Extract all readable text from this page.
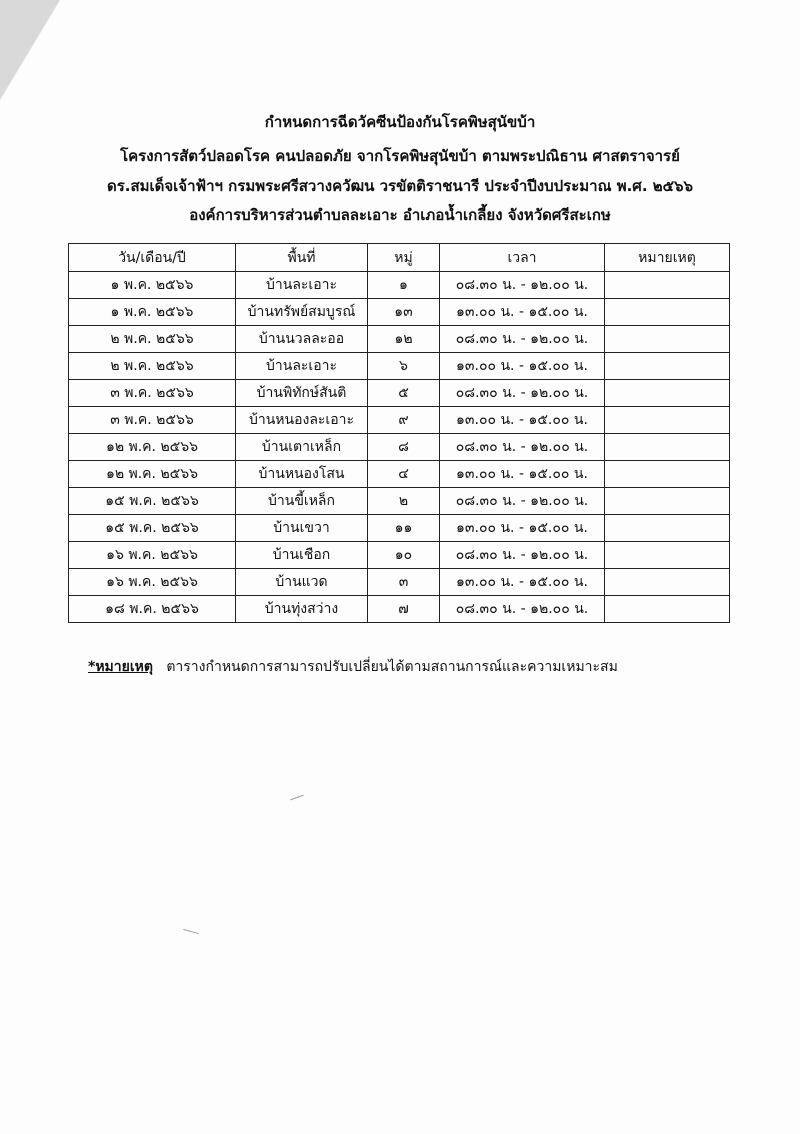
กำหนดการฉีดวัคซีนป้องกันโรคพิษสุนัขบ้า
โครงการสัตว์ปลอดโรค คนปลอดภัย จากโรคพิษสุนัขบ้า ตามพระปณิธาน ศาสตราจารย์
ดร.สมเด็จเจ้าฟ้าฯ กรมพระศรีสวางควัฒน วรขัตติราชนารี ประจำปีงบประมาณ พ.ศ. ๒๕๖๖
องค์การบริหารส่วนตำบลละเอาะ อำเภอน้ำเกลี้ยง จังหวัดศรีสะเกษ
วัน/เดือน/ปี	พื้นที่	หมู่	เวลา	หมายเหตุ
๑ พ.ค. ๒๕๖๖	บ้านละเอาะ	๑	๐๘.๓๐ น. - ๑๒.๐๐ น.	
๑ พ.ค. ๒๕๖๖	บ้านทรัพย์สมบูรณ์	๑๓	๑๓.๐๐ น. - ๑๕.๐๐ น.	
๒ พ.ค. ๒๕๖๖	บ้านนวลละออ	๑๒	๐๘.๓๐ น. - ๑๒.๐๐ น.	
๒ พ.ค. ๒๕๖๖	บ้านละเอาะ	๖	๑๓.๐๐ น. - ๑๕.๐๐ น.	
๓ พ.ค. ๒๕๖๖	บ้านพิทักษ์สันติ	๕	๐๘.๓๐ น. - ๑๒.๐๐ น.	
๓ พ.ค. ๒๕๖๖	บ้านหนองละเอาะ	๙	๑๓.๐๐ น. - ๑๕.๐๐ น.	
๑๒ พ.ค. ๒๕๖๖	บ้านเตาเหล็ก	๘	๐๘.๓๐ น. - ๑๒.๐๐ น.	
๑๒ พ.ค. ๒๕๖๖	บ้านหนองโสน	๔	๑๓.๐๐ น. - ๑๕.๐๐ น.	
๑๕ พ.ค. ๒๕๖๖	บ้านขี้เหล็ก	๒	๐๘.๓๐ น. - ๑๒.๐๐ น.	
๑๕ พ.ค. ๒๕๖๖	บ้านเขวา	๑๑	๑๓.๐๐ น. - ๑๕.๐๐ น.	
๑๖ พ.ค. ๒๕๖๖	บ้านเชือก	๑๐	๐๘.๓๐ น. - ๑๒.๐๐ น.	
๑๖ พ.ค. ๒๕๖๖	บ้านแวด	๓	๑๓.๐๐ น. - ๑๕.๐๐ น.	
๑๘ พ.ค. ๒๕๖๖	บ้านทุ่งสว่าง	๗	๐๘.๓๐ น. - ๑๒.๐๐ น.	
*หมายเหตุ ตารางกำหนดการสามารถปรับเปลี่ยนได้ตามสถานการณ์และความเหมาะสม
